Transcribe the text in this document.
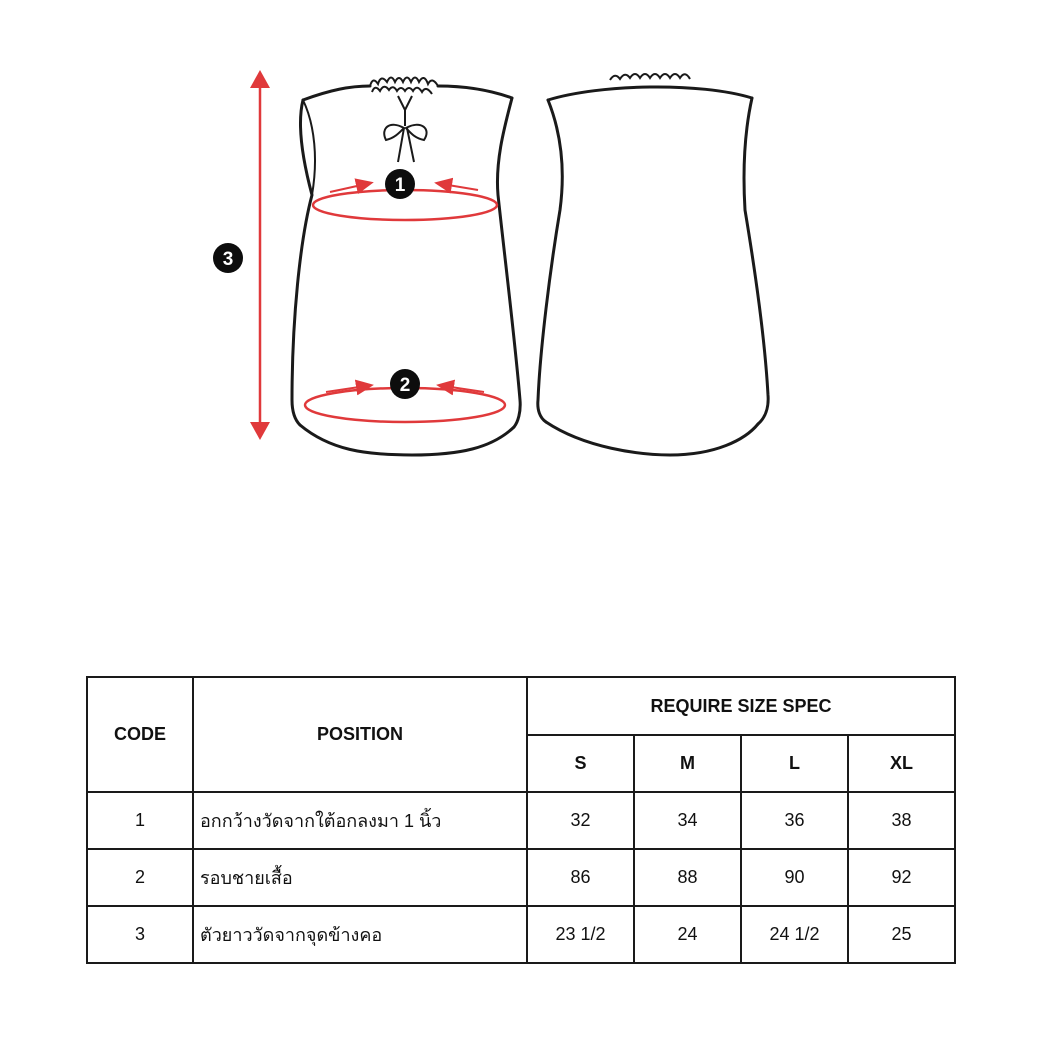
1
2
3
CODE	POSITION	REQUIRE SIZE SPEC			
		S	M	L	XL
1	อกกว้างวัดจากใต้อกลงมา 1 นิ้ว	32	34	36	38
2	รอบชายเสื้อ	86	88	90	92
3	ตัวยาววัดจากจุดข้างคอ	23 1/2	24	24 1/2	25
